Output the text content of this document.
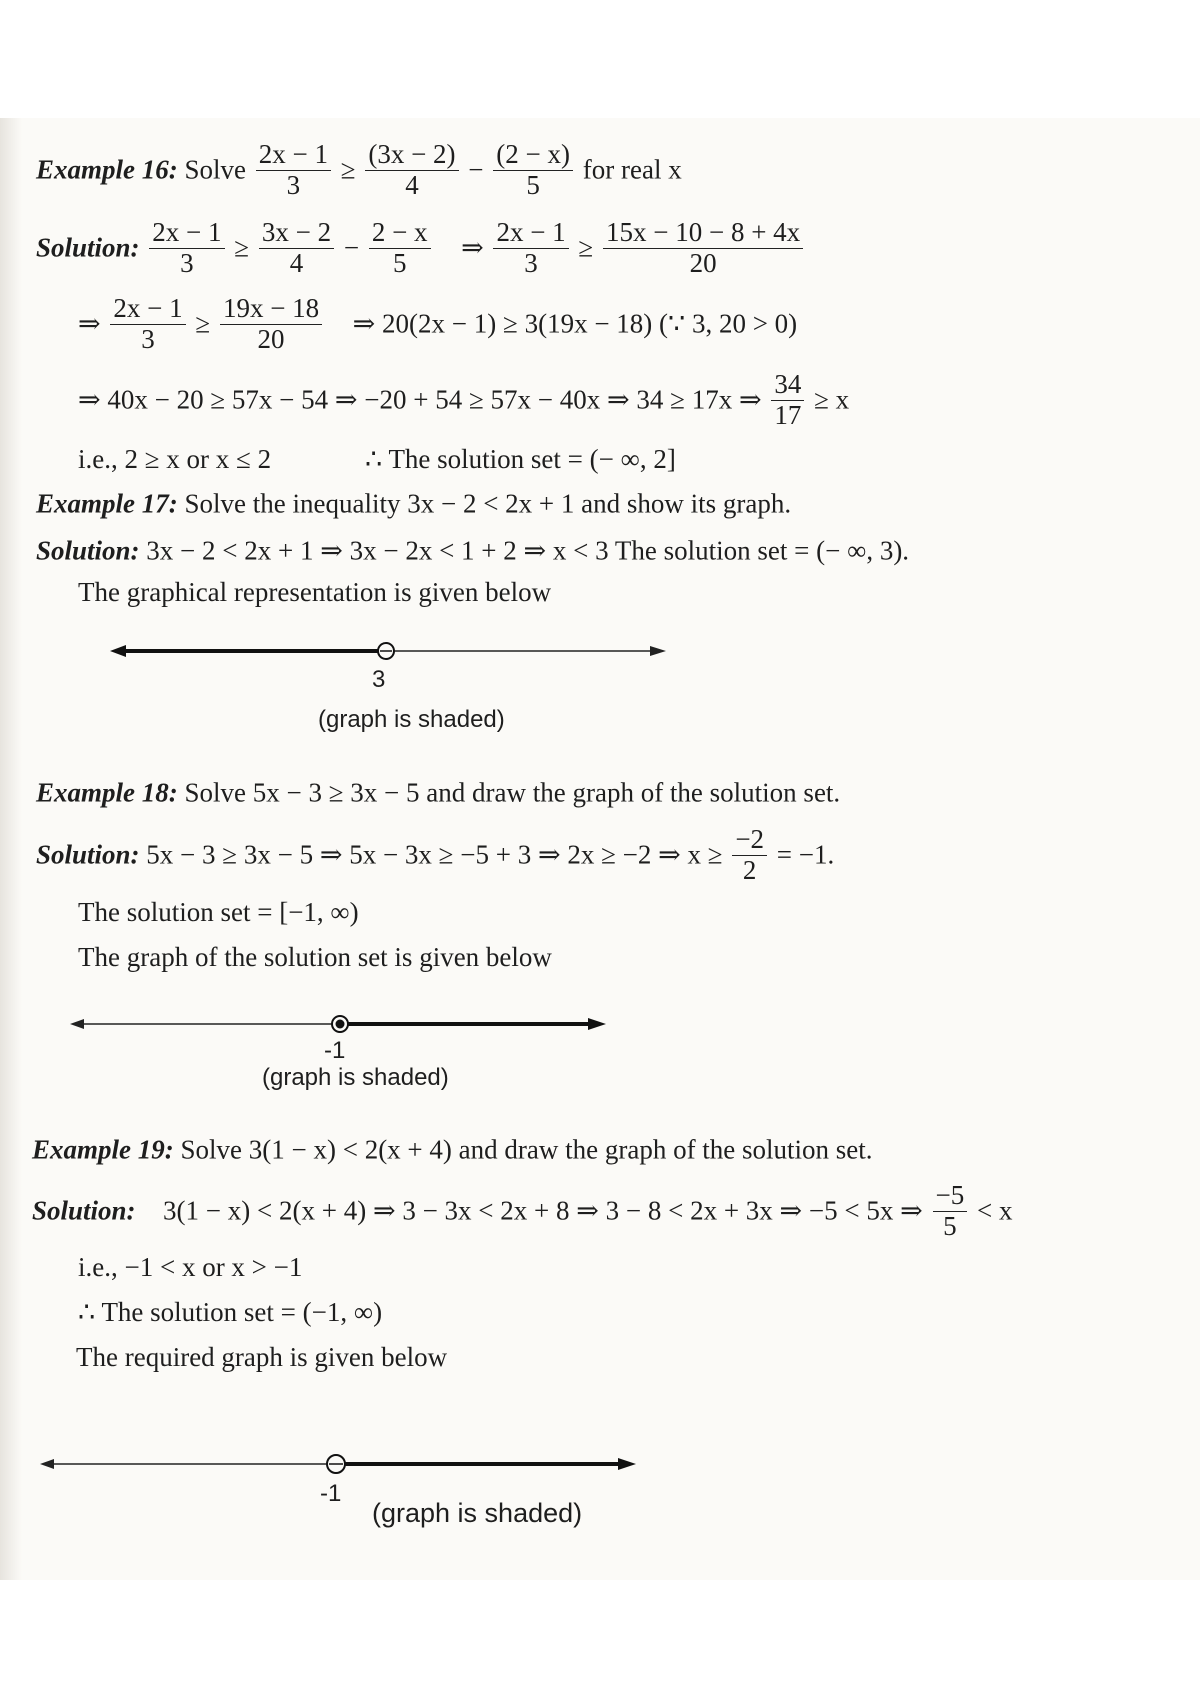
Example 16: Solve $\frac{2x - 1}{3} \ge \frac{(3x - 2)}{4} - \frac{(2 - x)}{5}$ for real x
Solution: $\frac{2x - 1}{3} \ge \frac{3x - 2}{4} - \frac{2 - x}{5}$ ⇒ $\frac{2x - 1}{3} \ge \frac{15x - 10 - 8 + 4x}{20}$
⇒ $\frac{2x - 1}{3} \ge \frac{19x - 18}{20}$ ⇒ 20(2x − 1) ≥ 3(19x − 18) (∵ 3, 20 > 0)
⇒ 40x − 20 ≥ 57x − 54 ⇒ −20 + 54 ≥ 57x − 40x ⇒ 34 ≥ 17x ⇒ $\frac{34}{17} \ge x$
i.e., 2 ≥ x or x ≤ 2	∴ The solution set = (− ∞, 2]
Example 17: Solve the inequality 3x − 2 < 2x + 1 and show its graph.
Solution: 3x − 2 < 2x + 1 ⇒ 3x − 2x < 1 + 2 ⇒ x < 3 The solution set = (− ∞, 3).
The graphical representation is given below
3
(graph is shaded)
Example 18: Solve 5x − 3 ≥ 3x − 5 and draw the graph of the solution set.
Solution: 5x − 3 ≥ 3x − 5 ⇒ 5x − 3x ≥ −5 + 3 ⇒ 2x ≥ −2 ⇒ $x \ge \frac{-2}{2} = -1$.
The solution set = [−1, ∞)
The graph of the solution set is given below
-1
(graph is shaded)
Example 19: Solve 3(1 − x) < 2(x + 4) and draw the graph of the solution set.
Solution: 3(1 − x) < 2(x + 4) ⇒ 3 − 3x < 2x + 8 ⇒ 3 − 8 < 2x + 3x ⇒ −5 < 5x ⇒ $\frac{-5}{5} < x$
i.e., −1 < x or x > −1
∴ The solution set = (−1, ∞)
The required graph is given below
-1
(graph is shaded)
